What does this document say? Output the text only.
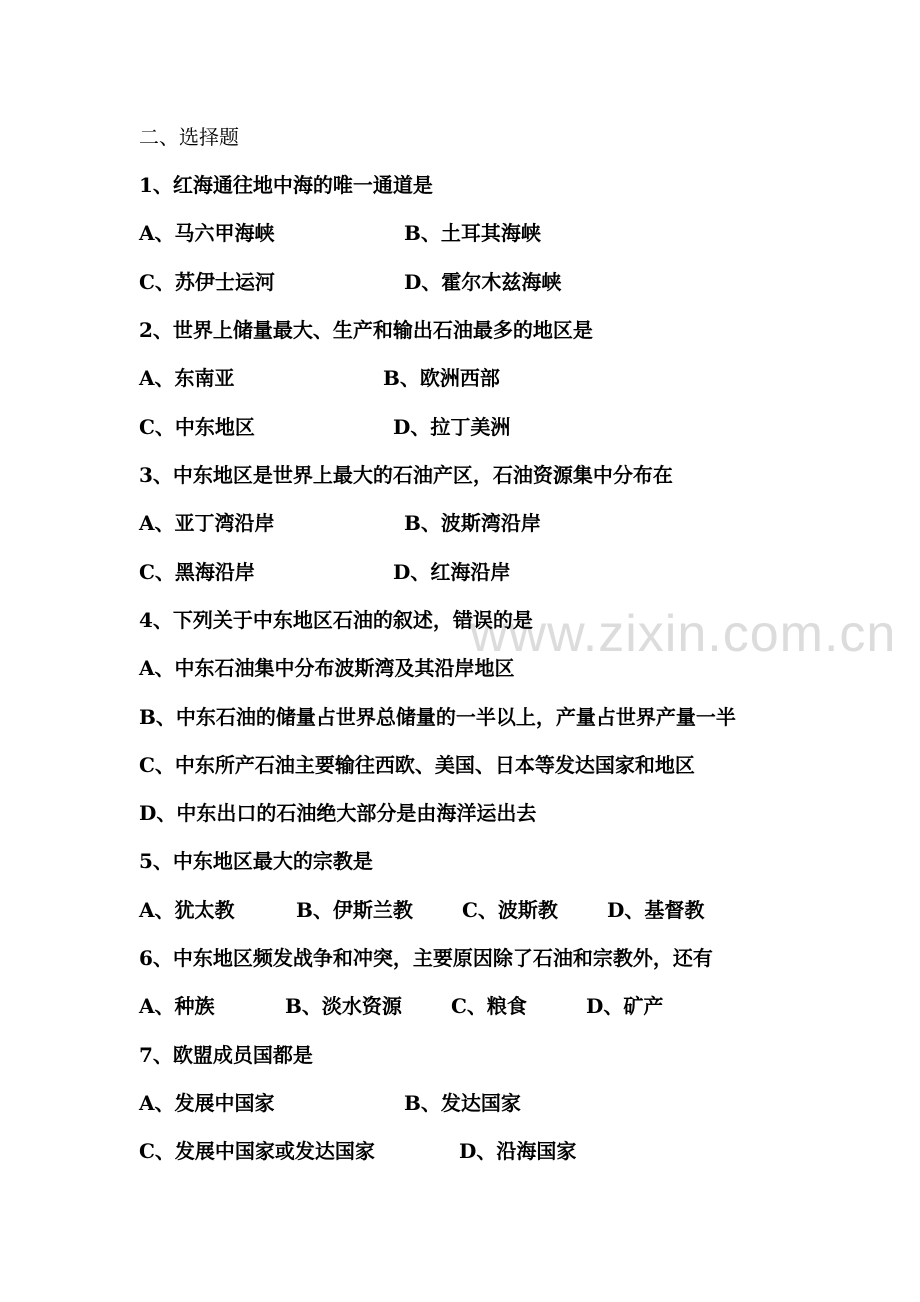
www.zixin.com.cn
二、选择题
1、红海通往地中海的唯一通道是
A、马六甲海峡	B、土耳其海峡
C、苏伊士运河	D、霍尔木兹海峡
2、世界上储量最大、生产和输出石油最多的地区是
A、东南亚	B、欧洲西部
C、中东地区	D、拉丁美洲
3、中东地区是世界上最大的石油产区，石油资源集中分布在
A、亚丁湾沿岸	B、波斯湾沿岸
C、黑海沿岸	D、红海沿岸
4、下列关于中东地区石油的叙述，错误的是
A、中东石油集中分布波斯湾及其沿岸地区
B、中东石油的储量占世界总储量的一半以上，产量占世界产量一半
C、中东所产石油主要输往西欧、美国、日本等发达国家和地区
D、中东出口的石油绝大部分是由海洋运出去
5、中东地区最大的宗教是
A、犹太教	B、伊斯兰教 C、波斯教 D、基督教
6、中东地区频发战争和冲突，主要原因除了石油和宗教外，还有
A、种族	B、淡水资源 C、粮食	D、矿产
7、欧盟成员国都是
A、发展中国家	B、发达国家
C、发展中国家或发达国家	D、沿海国家
